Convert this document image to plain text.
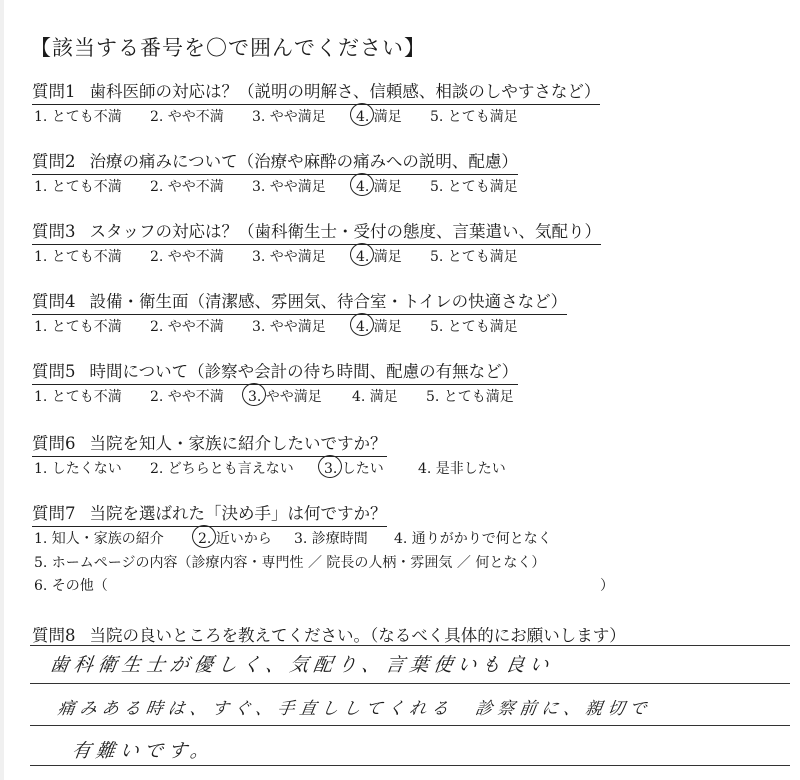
【該当する番号を〇で囲んでください】
質問1 歯科医師の対応は？（説明の明解さ、信頼感、相談のしやすさなど）
1. とても不満 2. やや不満 3. やや満足 4. 満足 5. とても満足
質問2 治療の痛みについて（治療や麻酔の痛みへの説明、配慮）
1. とても不満 2. やや不満 3. やや満足 4. 満足 5. とても満足
質問3 スタッフの対応は？（歯科衛生士・受付の態度、言葉遣い、気配り）
1. とても不満 2. やや不満 3. やや満足 4. 満足 5. とても満足
質問4 設備・衛生面（清潔感、雰囲気、待合室・トイレの快適さなど）
1. とても不満 2. やや不満 3. やや満足 4. 満足 5. とても満足
質問5 時間について（診察や会計の待ち時間、配慮の有無など）
1. とても不満 2. やや不満 3. やや満足 4. 満足 5. とても満足
質問6 当院を知人・家族に紹介したいですか？
1. したくない 2. どちらとも言えない 3. したい 4. 是非したい
質問7 当院を選ばれた「決め手」は何ですか？
1. 知人・家族の紹介 2. 近いから 3. 診療時間 4. 通りがかりで何となく
5. ホームページの内容（診療内容・専門性 ／ 院長の人柄・雰囲気 ／ 何となく）
6. その他（	）
質問8 当院の良いところを教えてください。（なるべく具体的にお願いします）
歯科衛生士が優しく、気配り、言葉使いも良い
痛みある時は、すぐ、手直ししてくれる　診察前に、親切で
有難いです。
